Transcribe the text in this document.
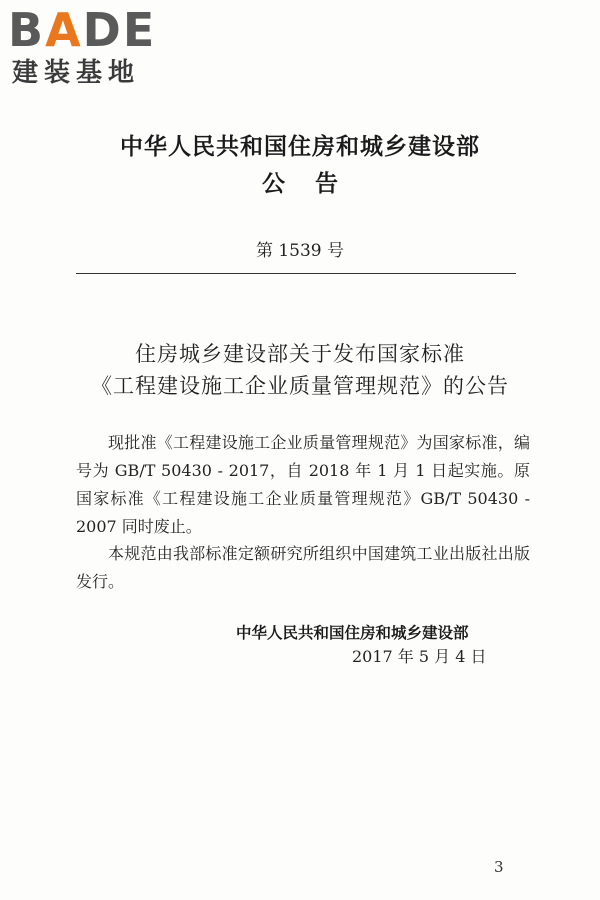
BADE
建装基地
中华人民共和国住房和城乡建设部
公告
第 1539 号
住房城乡建设部关于发布国家标准
《工程建设施工企业质量管理规范》的公告

现批准《工程建设施工企业质量管理规范》为国家标准，编号为 GB/T 50430 - 2017，自 2018 年 1 月 1 日起实施。原国家标准《工程建设施工企业质量管理规范》GB/T 50430 - 2007 同时废止。

本规范由我部标准定额研究所组织中国建筑工业出版社出版发行。

中华人民共和国住房和城乡建设部
2017 年 5 月 4 日
3
